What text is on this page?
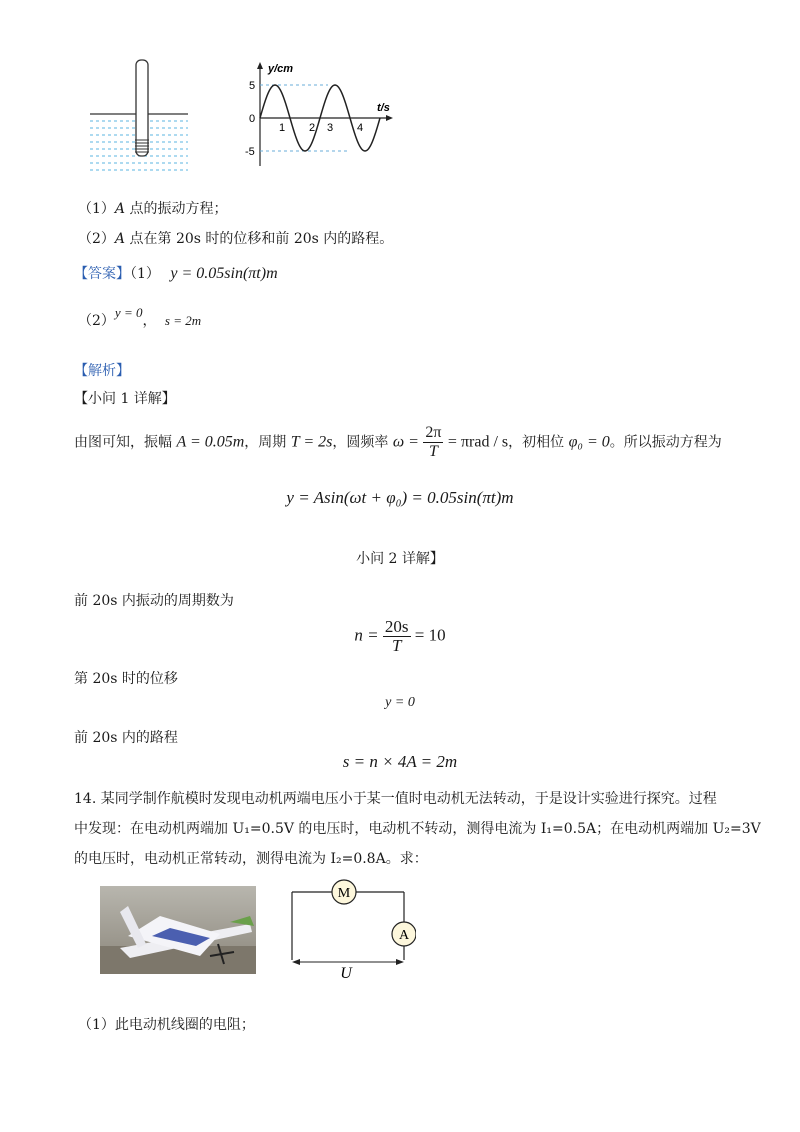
y/cm
t/s
5
0
-5
1 2 3 4
（1）A 点的振动方程；
（2）A 点在第 20s 时的位移和前 20s 内的路程。
【答案】（1） y = 0.05sin(πt)m
（2）y = 0， s = 2m
【解析】
【小问 1 详解】
由图可知，振幅 A = 0.05m，周期 T = 2s，圆频率 $\omega = \frac{2\pi}{T} = \pi rad / s$，初相位 φ₀ = 0。所以振动方程为
y = Asin(ωt + φ₀) = 0.05sin(πt)m
小问 2 详解】
前 20s 内振动的周期数为
$n = \frac{20s}{T} = 10$
第 20s 时的位移
y = 0
前 20s 内的路程
s = n × 4A = 2m
14. 某同学制作航模时发现电动机两端电压小于某一值时电动机无法转动，于是设计实验进行探究。过程
中发现：在电动机两端加 U₁=0.5V 的电压时，电动机不转动，测得电流为 I₁=0.5A；在电动机两端加 U₂=3V
的电压时，电动机正常转动，测得电流为 I₂=0.8A。求：
M
A
U
（1）此电动机线圈的电阻；
